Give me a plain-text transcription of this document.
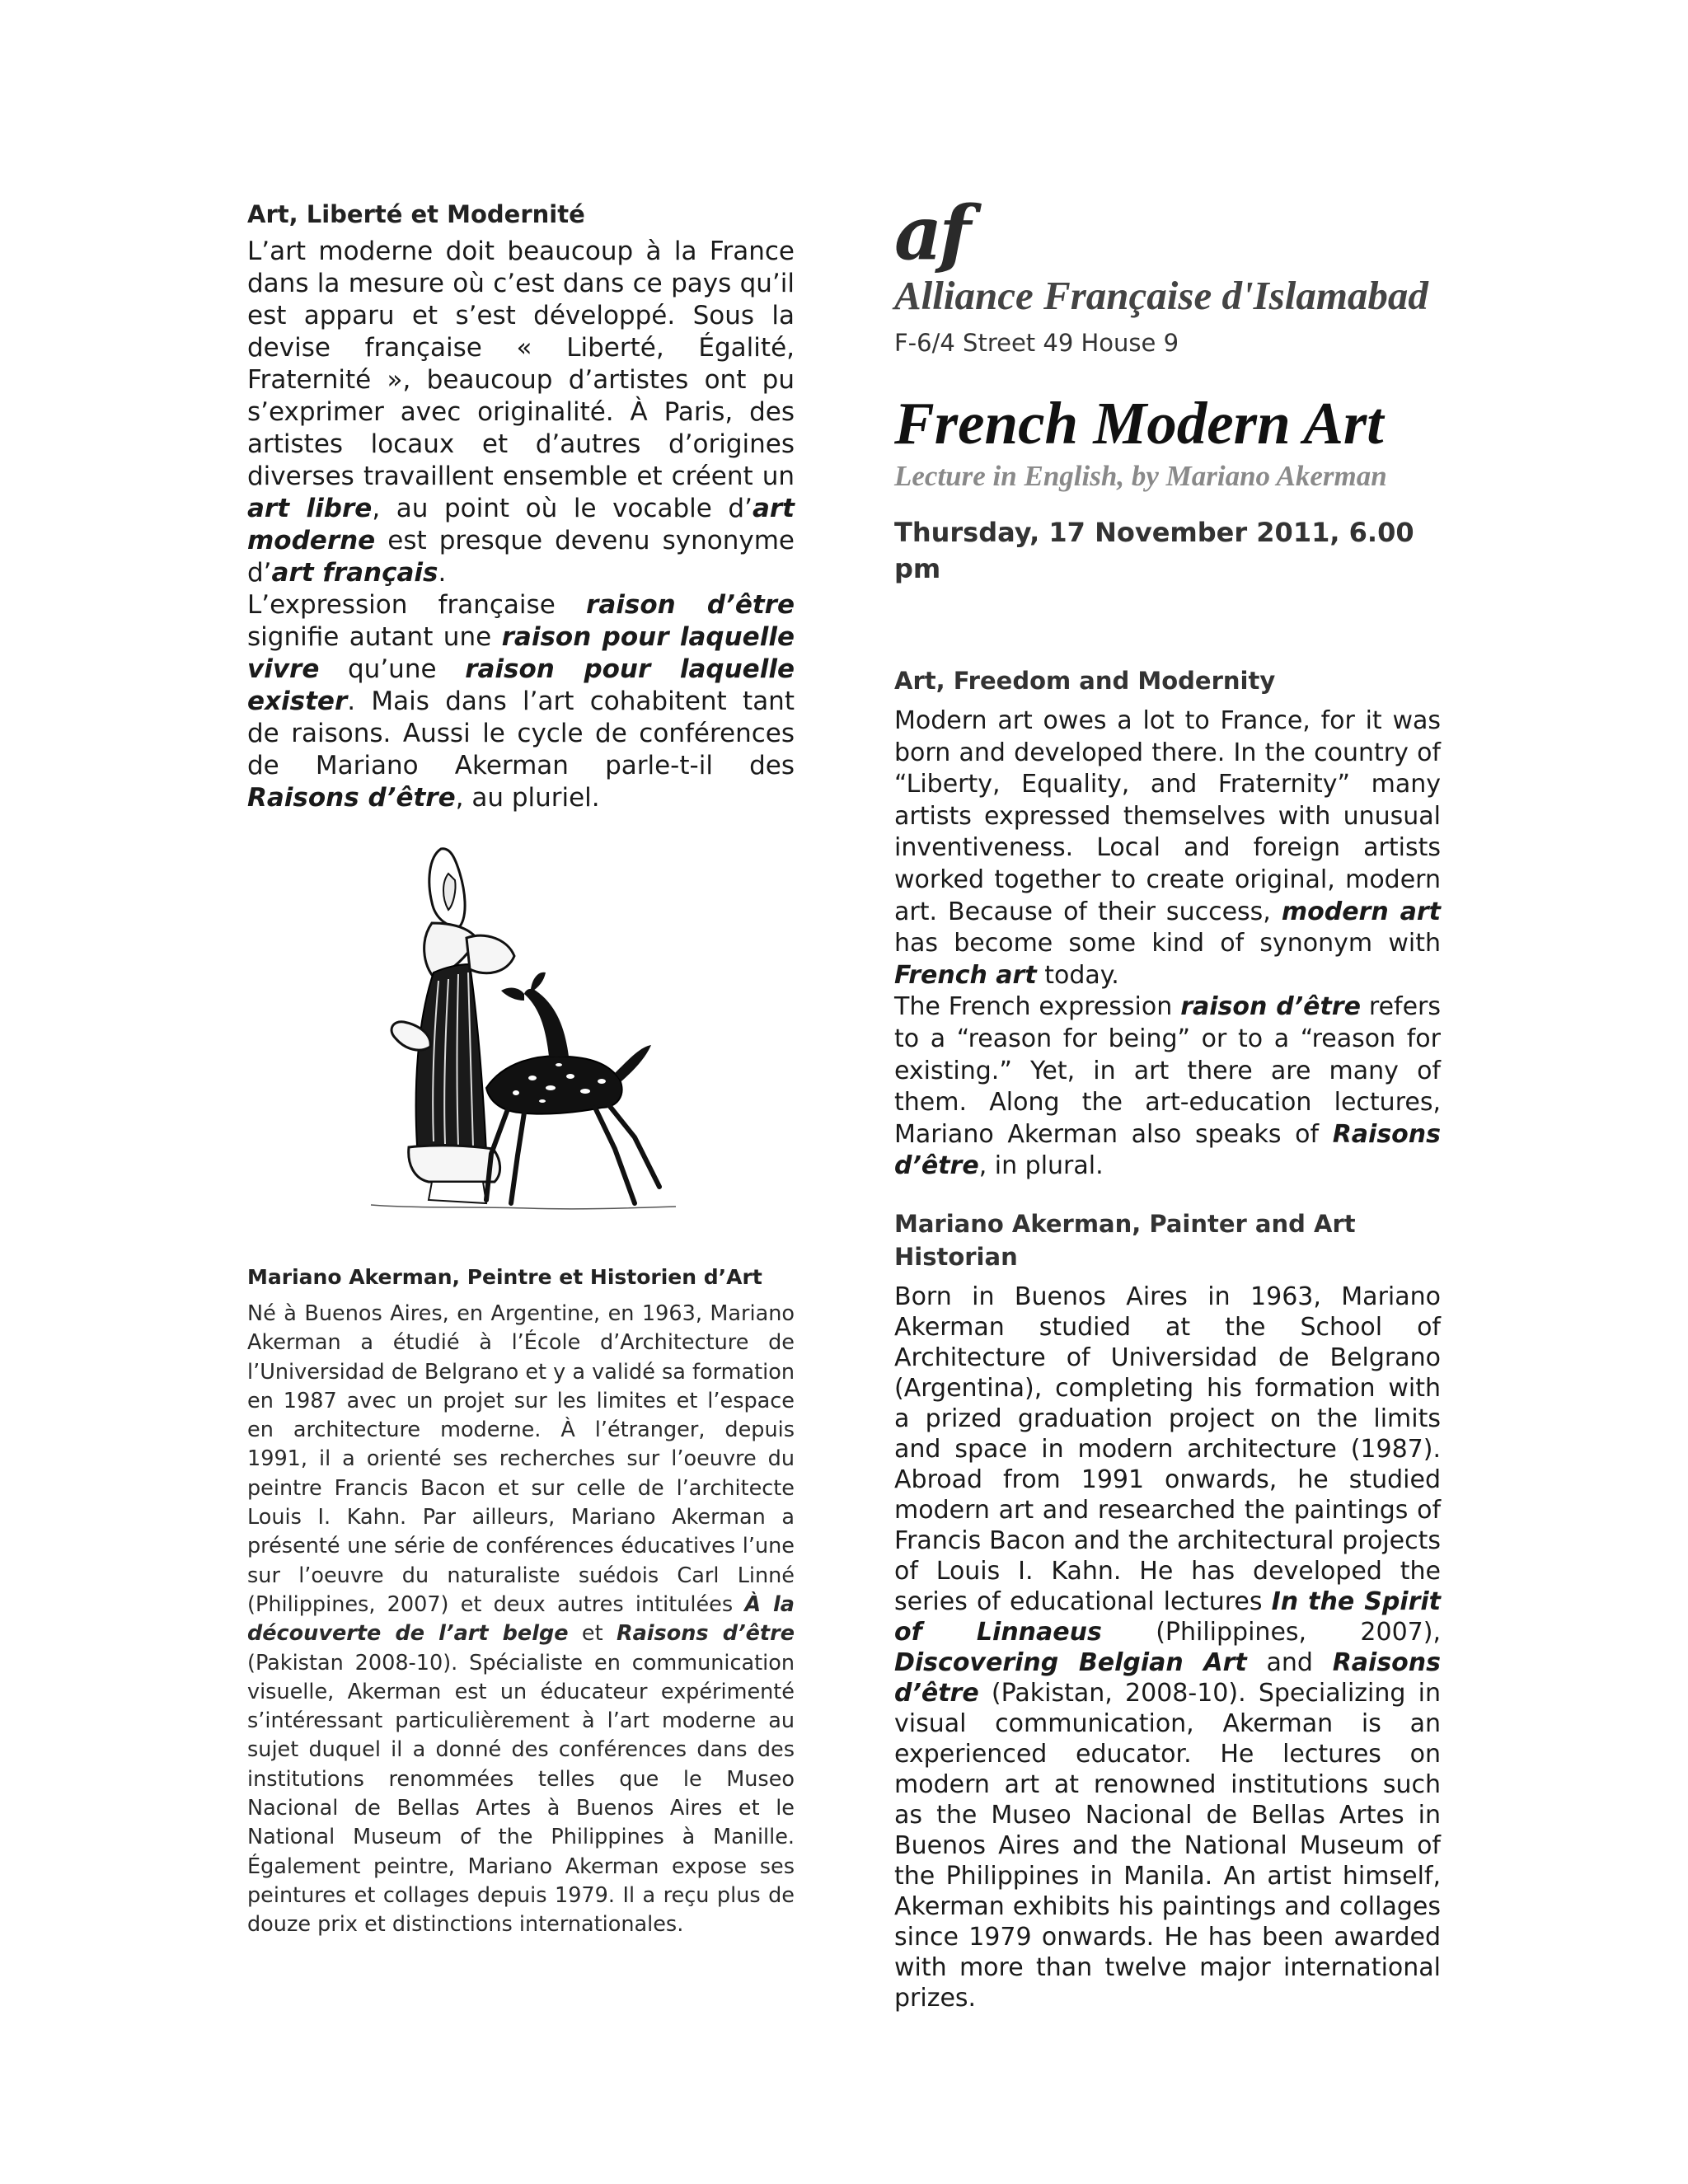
Art, Liberté et Modernité

L’art moderne doit beaucoup à la France dans la mesure où c’est dans ce pays qu’il est apparu et s’est développé. Sous la devise française « Liberté, Égalité, Fraternité », beaucoup d’artistes ont pu s’exprimer avec originalité. À Paris, des artistes locaux et d’autres d’origines diverses travaillent ensemble et créent un art libre, au point où le vocable d’art moderne est presque devenu synonyme d’art français.

L’expression française raison d’être signifie autant une raison pour laquelle vivre qu’une raison pour laquelle exister. Mais dans l’art cohabitent tant de raisons. Aussi le cycle de conférences de Mariano Akerman parle-t-il des Raisons d’être, au pluriel.

Mariano Akerman, Peintre et Historien d’Art

Né à Buenos Aires, en Argentine, en 1963, Mariano Akerman a étudié à l’École d’Architecture de l’Universidad de Belgrano et y a validé sa formation en 1987 avec un projet sur les limites et l’espace en architecture moderne. À l’étranger, depuis 1991, il a orienté ses recherches sur l’oeuvre du peintre Francis Bacon et sur celle de l’architecte Louis I. Kahn. Par ailleurs, Mariano Akerman a présenté une série de conférences éducatives l’une sur l’oeuvre du naturaliste suédois Carl Linné (Philippines, 2007) et deux autres intitulées À la découverte de l’art belge et Raisons d’être (Pakistan 2008-10). Spécialiste en communication visuelle, Akerman est un éducateur expérimenté s’intéressant particulièrement à l’art moderne au sujet duquel il a donné des conférences dans des institutions renommées telles que le Museo Nacional de Bellas Artes à Buenos Aires et le National Museum of the Philippines à Manille. Également peintre, Mariano Akerman expose ses peintures et collages depuis 1979. Il a reçu plus de douze prix et distinctions internationales.

af
Alliance Française d'Islamabad
F-6/4 Street 49 House 9
French Modern Art
Lecture in English, by Mariano Akerman
Thursday, 17 November 2011, 6.00 pm
Art, Freedom and Modernity

Modern art owes a lot to France, for it was born and developed there. In the country of “Liberty, Equality, and Fraternity” many artists expressed themselves with unusual inventiveness. Local and foreign artists worked together to create original, modern art. Because of their success, modern art has become some kind of synonym with French art today.

The French expression raison d’être refers to a “reason for being” or to a “reason for existing.” Yet, in art there are many of them. Along the art-education lectures, Mariano Akerman also speaks of Raisons d’être, in plural.

Mariano Akerman, Painter and Art Historian

Born in Buenos Aires in 1963, Mariano Akerman studied at the School of Architecture of Universidad de Belgrano (Argentina), completing his formation with a prized graduation project on the limits and space in modern architecture (1987). Abroad from 1991 onwards, he studied modern art and researched the paintings of Francis Bacon and the architectural projects of Louis I. Kahn. He has developed the series of educational lectures In the Spirit of Linnaeus (Philippines, 2007), Discovering Belgian Art and Raisons d’être (Pakistan, 2008-10). Specializing in visual communication, Akerman is an experienced educator. He lectures on modern art at renowned institutions such as the Museo Nacional de Bellas Artes in Buenos Aires and the National Museum of the Philippines in Manila. An artist himself, Akerman exhibits his paintings and collages since 1979 onwards. He has been awarded with more than twelve major international prizes.
